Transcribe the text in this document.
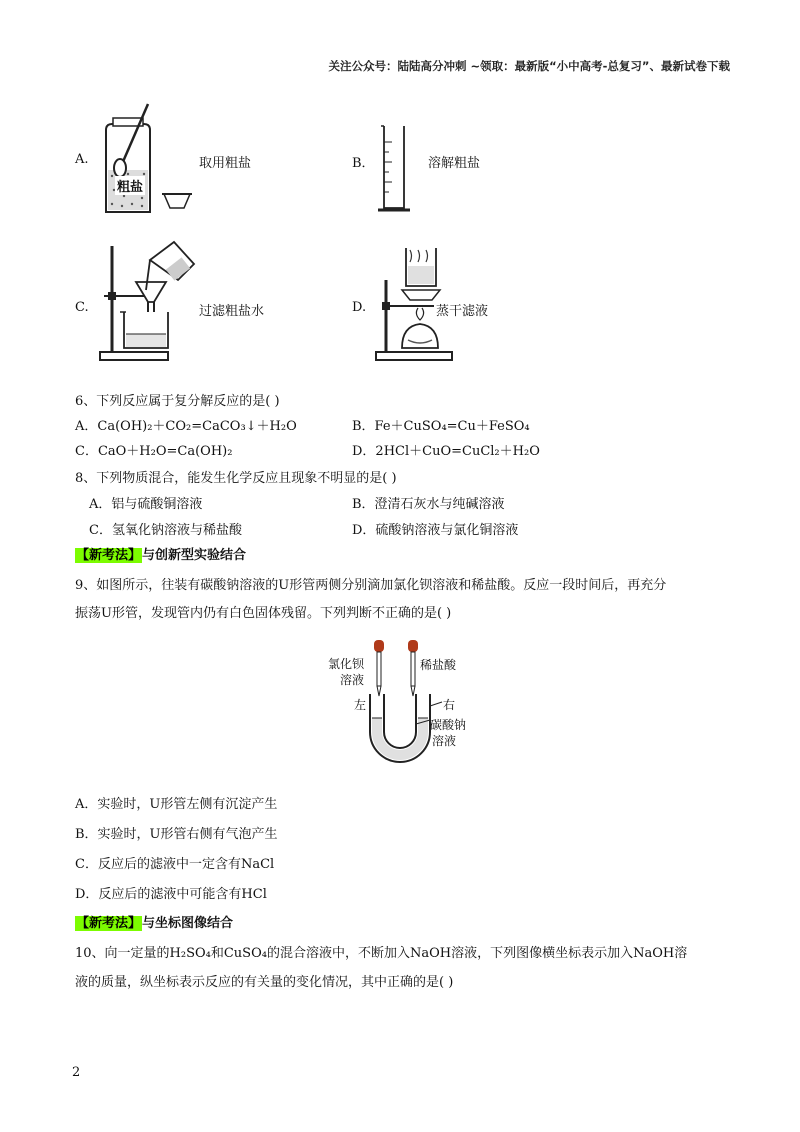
关注公众号：陆陆高分冲刺 ~领取：最新版“小中高考-总复习”、最新试卷下载
A.
粗盐
取用粗盐	B．	溶解粗盐
C.	过滤粗盐水	D.	蒸干滤液
6、下列反应属于复分解反应的是( )
A．Ca(OH)₂＋CO₂=CaCO₃↓＋H₂O	B．Fe＋CuSO₄=Cu＋FeSO₄
C．CaO＋H₂O=Ca(OH)₂	D．2HCl＋CuO=CuCl₂＋H₂O
8、下列物质混合，能发生化学反应且现象不明显的是( )
A．铝与硫酸铜溶液	B．澄清石灰水与纯碱溶液
C．氢氧化钠溶液与稀盐酸	D．硫酸钠溶液与氯化铜溶液
【新考法】与创新型实验结合
9、如图所示，往装有碳酸钠溶液的U形管两侧分别滴加氯化钡溶液和稀盐酸。反应一段时间后，再充分
振荡U形管，发现管内仍有白色固体残留。下列判断不正确的是( )
氯化钡
溶液
稀盐酸
左	右
碳酸钠
溶液
A．实验时，U形管左侧有沉淀产生
B．实验时，U形管右侧有气泡产生
C．反应后的滤液中一定含有NaCl
D．反应后的滤液中可能含有HCl
【新考法】与坐标图像结合
10、向一定量的H₂SO₄和CuSO₄的混合溶液中，不断加入NaOH溶液，下列图像横坐标表示加入NaOH溶
液的质量，纵坐标表示反应的有关量的变化情况，其中正确的是( )
2
